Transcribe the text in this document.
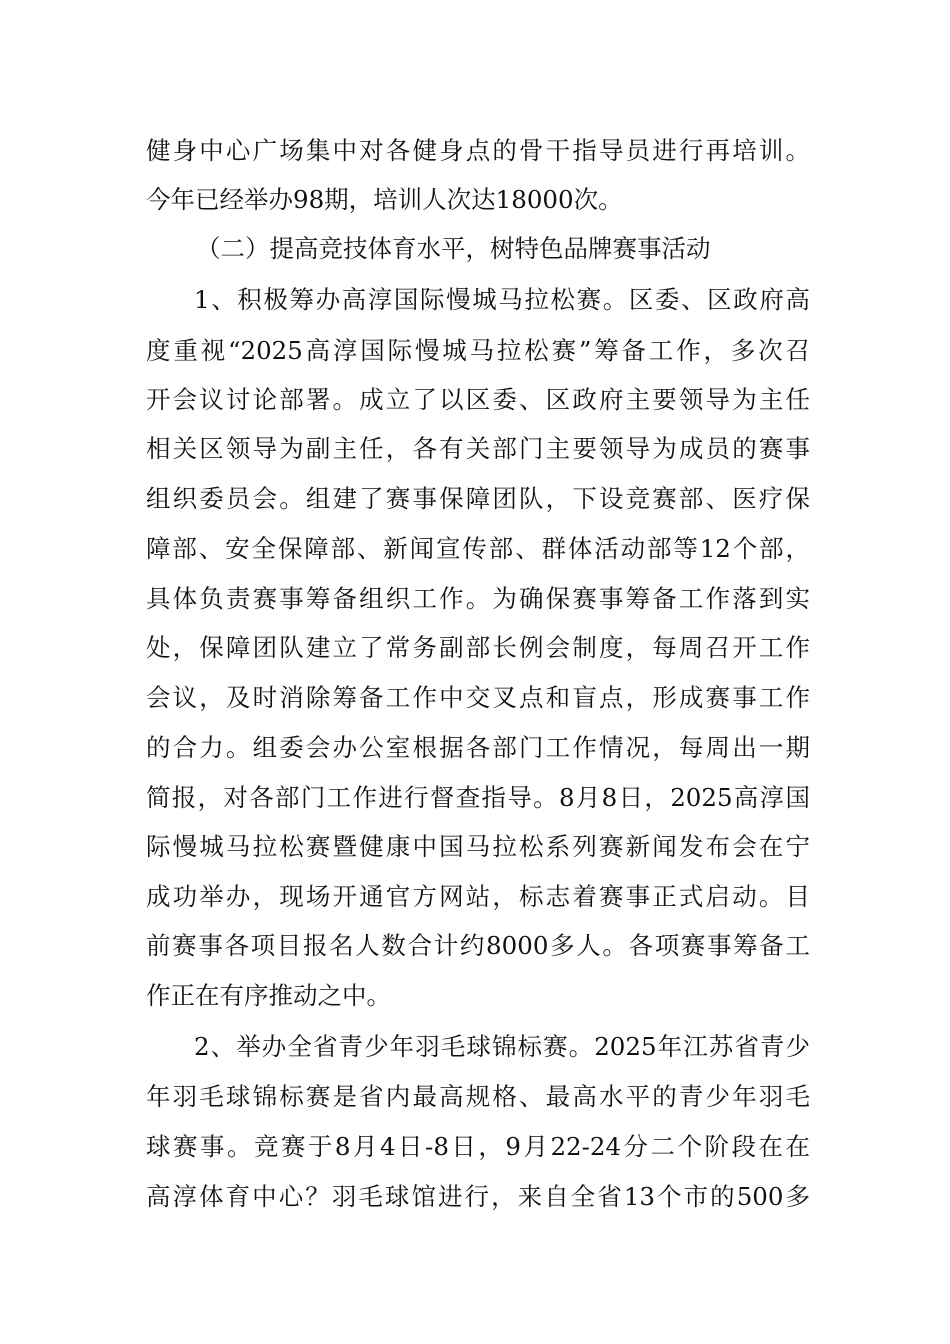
健身中心广场集中对各健身点的骨干指导员进行再培训。
今年已经举办98期，培训人次达18000次。
（二）提高竞技体育水平，树特色品牌赛事活动
1、积极筹办高淳国际慢城马拉松赛。区委、区政府高
度重视“2025高淳国际慢城马拉松赛”筹备工作，多次召
开会议讨论部署。成立了以区委、区政府主要领导为主任
相关区领导为副主任，各有关部门主要领导为成员的赛事
组织委员会。组建了赛事保障团队，下设竞赛部、医疗保
障部、安全保障部、新闻宣传部、群体活动部等12个部，
具体负责赛事筹备组织工作。为确保赛事筹备工作落到实
处，保障团队建立了常务副部长例会制度，每周召开工作
会议，及时消除筹备工作中交叉点和盲点，形成赛事工作
的合力。组委会办公室根据各部门工作情况，每周出一期
简报，对各部门工作进行督查指导。8月8日，2025高淳国
际慢城马拉松赛暨健康中国马拉松系列赛新闻发布会在宁
成功举办，现场开通官方网站，标志着赛事正式启动。目
前赛事各项目报名人数合计约8000多人。各项赛事筹备工
作正在有序推动之中。
2、举办全省青少年羽毛球锦标赛。2025年江苏省青少
年羽毛球锦标赛是省内最高规格、最高水平的青少年羽毛
球赛事。竞赛于8月4日-8日，9月22-24分二个阶段在在
高淳体育中心？羽毛球馆进行，来自全省13个市的500多
